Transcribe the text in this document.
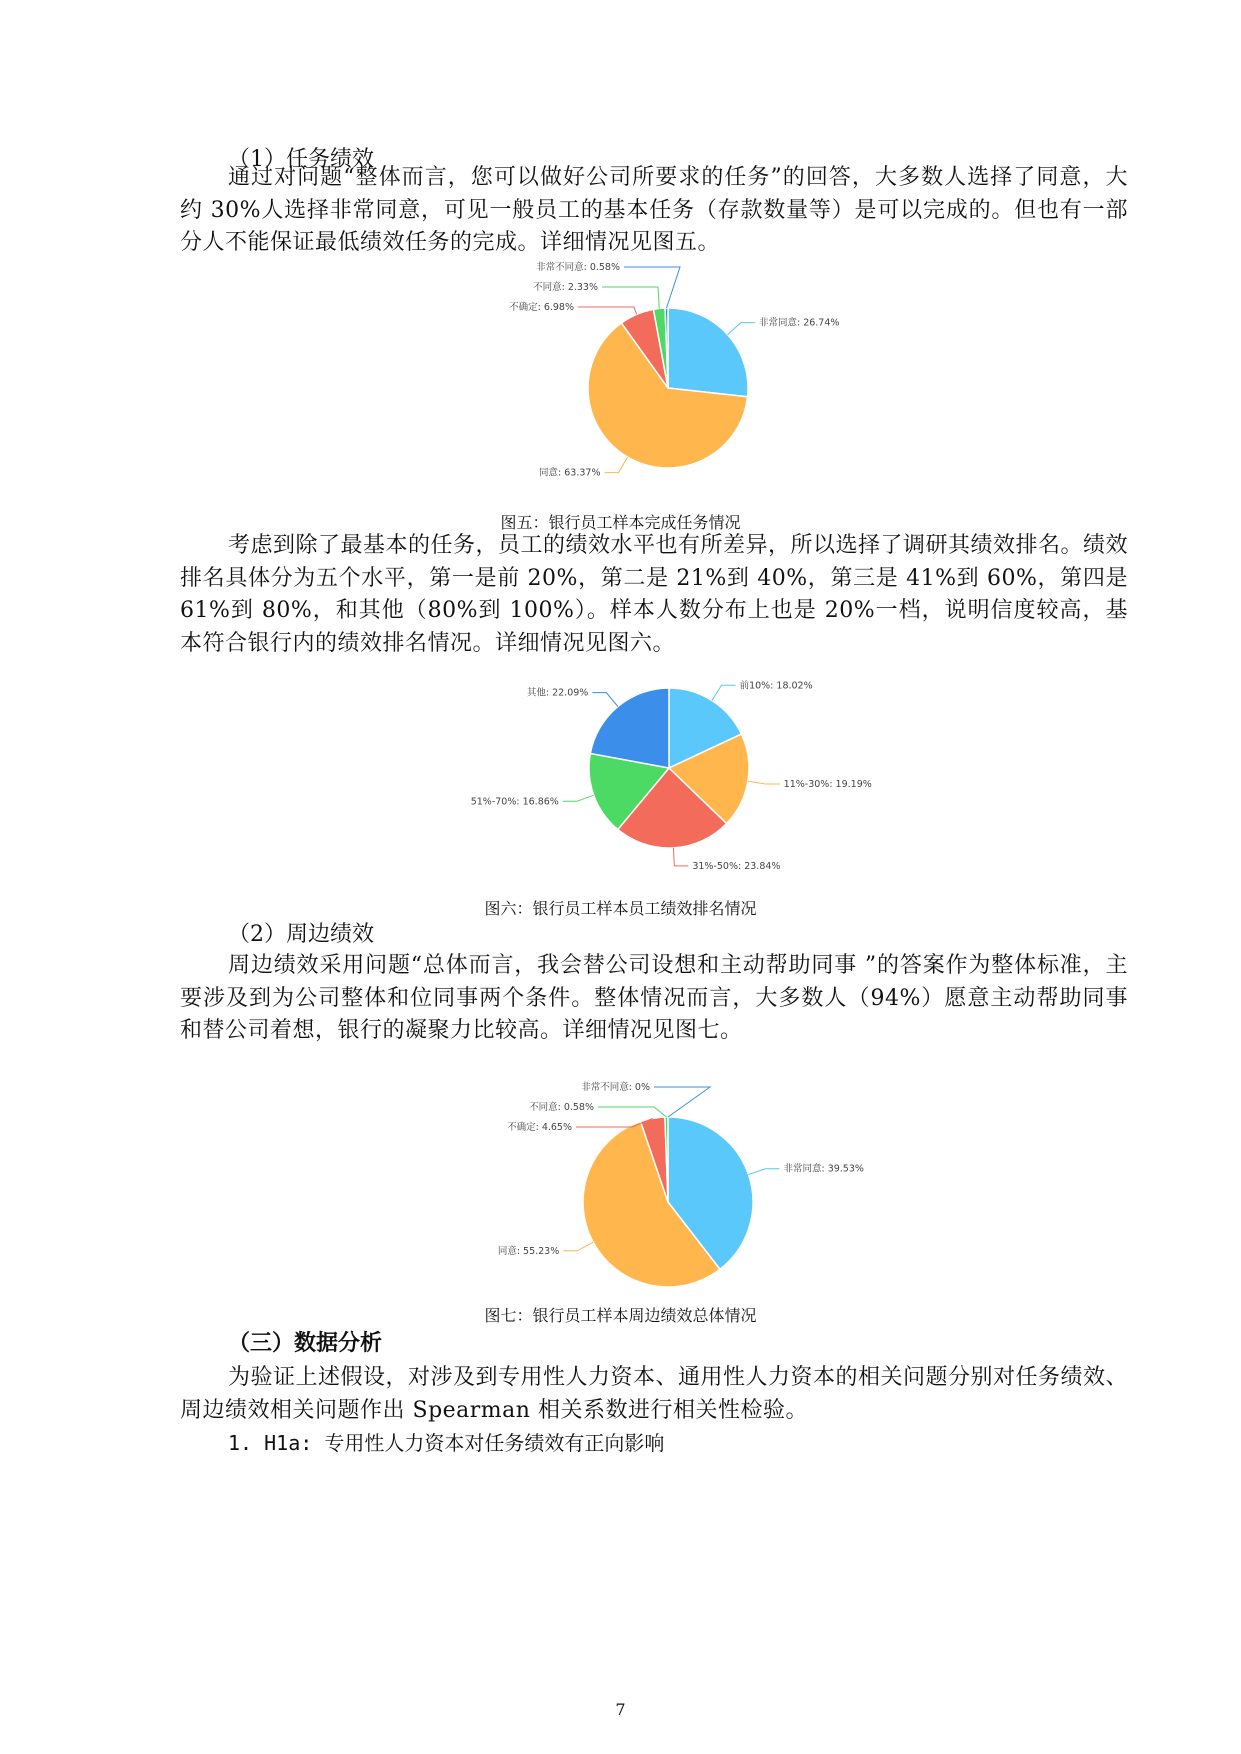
（1）任务绩效
通过对问题“整体而言，您可以做好公司所要求的任务”的回答，大多数人选择了同意，大约 30%人选择非常同意，可见一般员工的基本任务（存款数量等）是可以完成的。但也有一部分人不能保证最低绩效任务的完成。详细情况见图五。
非常同意: 26.74%
同意: 63.37%
不确定: 6.98%
不同意: 2.33%
非常不同意: 0.58%
图五：银行员工样本完成任务情况
考虑到除了最基本的任务，员工的绩效水平也有所差异，所以选择了调研其绩效排名。绩效排名具体分为五个水平，第一是前 20%，第二是 21%到 40%，第三是 41%到 60%，第四是 61%到 80%，和其他（80%到 100%）。样本人数分布上也是 20%一档，说明信度较高，基本符合银行内的绩效排名情况。详细情况见图六。
前10%: 18.02%
11%-30%: 19.19%
31%-50%: 23.84%
51%-70%: 16.86%
其他: 22.09%
图六：银行员工样本员工绩效排名情况
（2）周边绩效
周边绩效采用问题“总体而言，我会替公司设想和主动帮助同事 ”的答案作为整体标准，主要涉及到为公司整体和位同事两个条件。整体情况而言，大多数人（94%）愿意主动帮助同事和替公司着想，银行的凝聚力比较高。详细情况见图七。
非常同意: 39.53%
同意: 55.23%
不确定: 4.65%
不同意: 0.58%
非常不同意: 0%
图七：银行员工样本周边绩效总体情况
（三）数据分析
为验证上述假设，对涉及到专用性人力资本、通用性人力资本的相关问题分别对任务绩效、周边绩效相关问题作出 Spearman 相关系数进行相关性检验。
1. H1a: 专用性人力资本对任务绩效有正向影响
7
